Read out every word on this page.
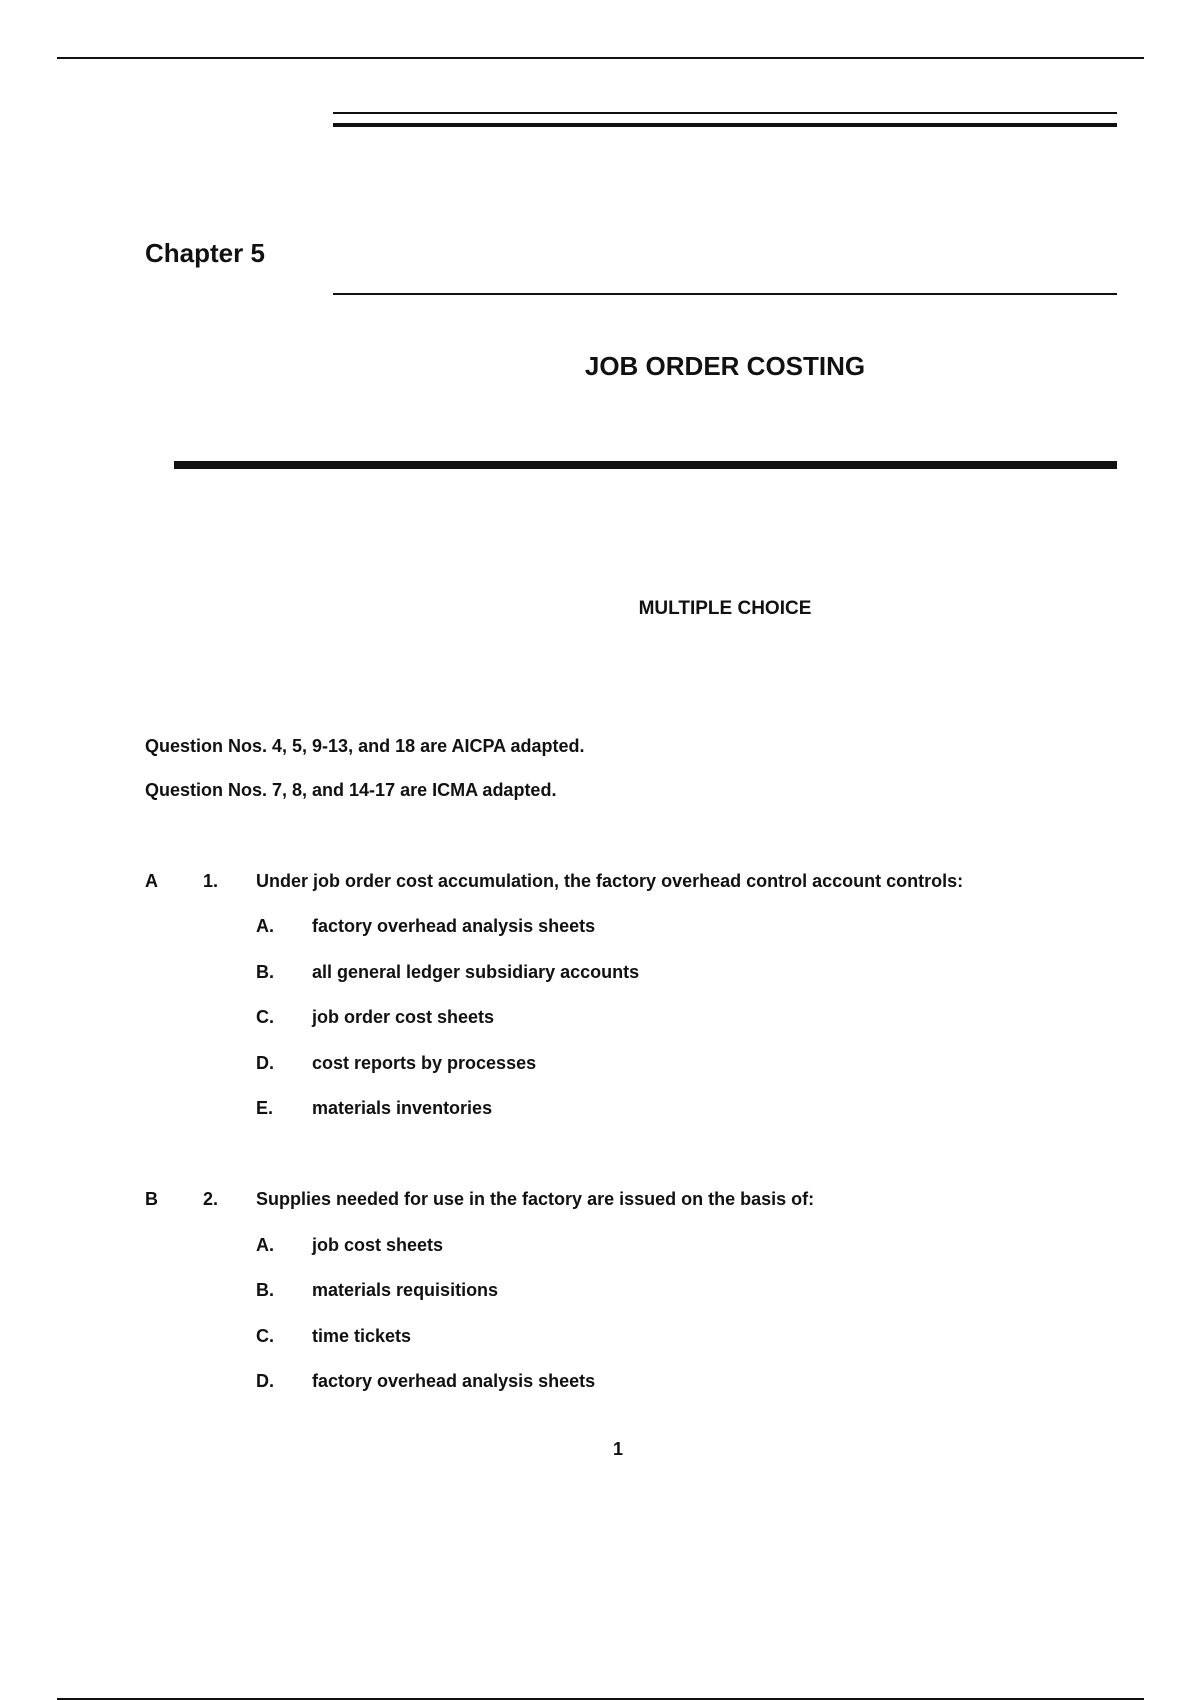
Chapter 5
JOB ORDER COSTING
MULTIPLE CHOICE
Question Nos. 4, 5, 9-13, and 18 are AICPA adapted.
Question Nos. 7, 8, and 14-17 are ICMA adapted.
A	1. Under job order cost accumulation, the factory overhead control account controls:
A. factory overhead analysis sheets
B. all general ledger subsidiary accounts
C. job order cost sheets
D. cost reports by processes
E. materials inventories
B	2. Supplies needed for use in the factory are issued on the basis of:
A. job cost sheets
B. materials requisitions
C. time tickets
D. factory overhead analysis sheets
1
